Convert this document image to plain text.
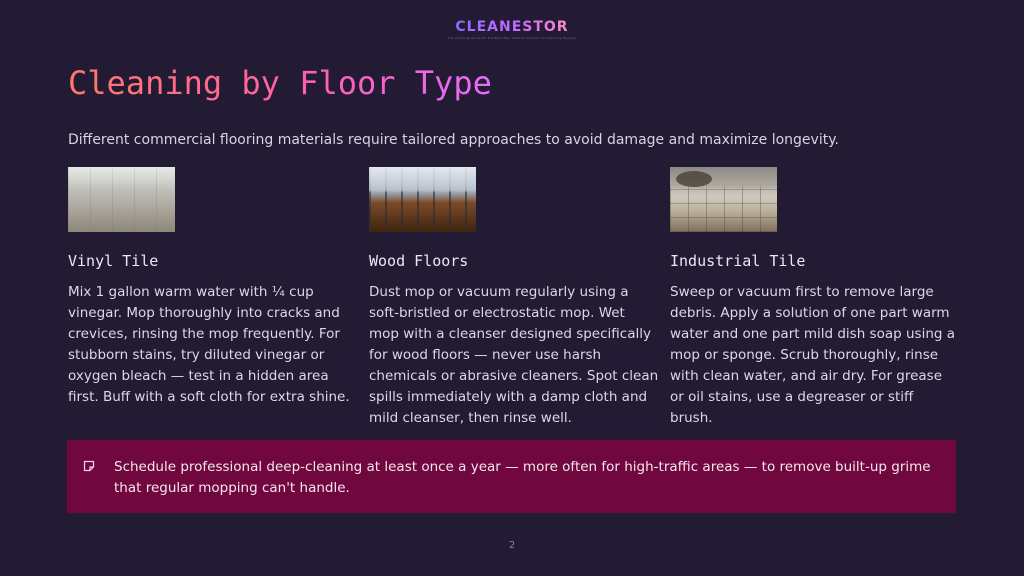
CLEANESTOR
The Cleaning Guide for the Best Way Towards Commercial Cleaning Mastery
Cleaning by Floor Type

Different commercial flooring materials require tailored approaches to avoid damage and maximize longevity.

Vinyl Tile

Mix 1 gallon warm water with ¼ cup vinegar. Mop thoroughly into cracks and crevices, rinsing the mop frequently. For stubborn stains, try diluted vinegar or oxygen bleach — test in a hidden area first. Buff with a soft cloth for extra shine.

Wood Floors

Dust mop or vacuum regularly using a soft-bristled or electrostatic mop. Wet mop with a cleanser designed specifically for wood floors — never use harsh chemicals or abrasive cleaners. Spot clean spills immediately with a damp cloth and mild cleanser, then rinse well.

Industrial Tile

Sweep or vacuum first to remove large debris. Apply a solution of one part warm water and one part mild dish soap using a mop or sponge. Scrub thoroughly, rinse with clean water, and air dry. For grease or oil stains, use a degreaser or stiff brush.

Schedule professional deep-cleaning at least once a year — more often for high-traffic areas — to remove built-up grime that regular mopping can't handle.

2
